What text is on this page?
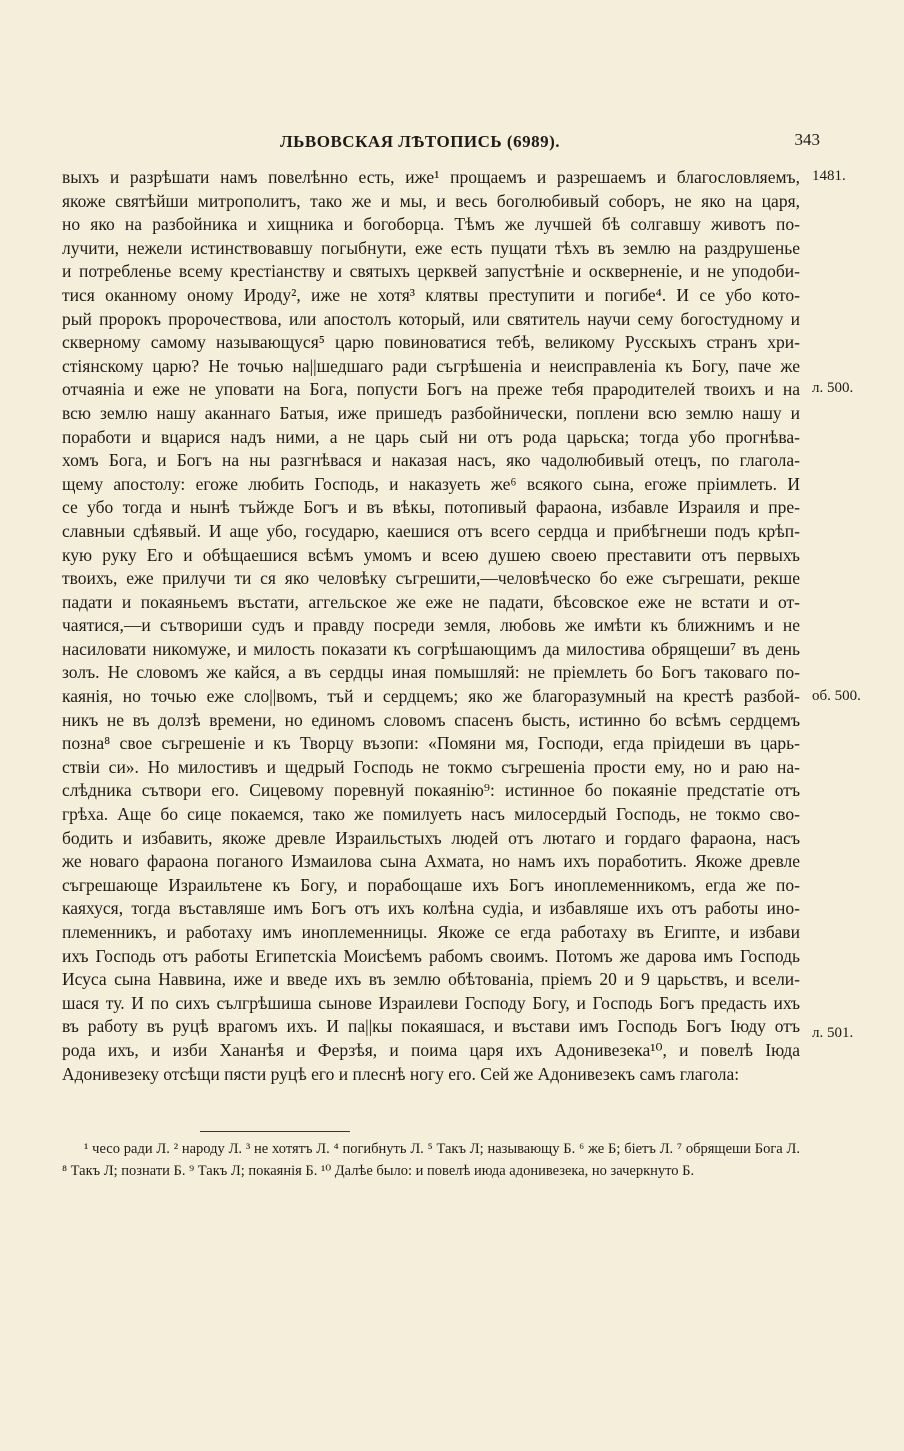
ЛЬВОВСКАЯ ЛѢТОПИСЬ (6989).	343
1481.
л. 500.
об. 500.
л. 501.
выхъ и разрѣшати намъ повелѣнно есть, иже¹ прощаемъ и разрешаемъ и благословляемъ,
якоже святѣйши митрополитъ, тако же и мы, и весь боголюбивый соборъ, не яко на царя,
но яко на разбойника и хищника и богоборца. Тѣмъ же лучшей бѣ солгавшу животъ по-
лучити, нежели истинствовавшу погыбнути, еже есть пущати тѣхъ въ землю на раздрушенье
и потребленье всему крестіанству и святыхъ церквей запустѣніе и оскверненіе, и не уподоби-
тися оканному оному Ироду², иже не хотя³ клятвы преступити и погибе⁴. И се убо кото-
рый пророкъ пророчествова, или апостолъ который, или святитель научи сему богостудному и
скверному самому называющуся⁵ царю повиноватися тебѣ, великому Русскыхъ странъ хри-
стіянскому царю? Не точью на||шедшаго ради съгрѣшеніа и неисправленіа къ Богу, паче же
отчаяніа и еже не уповати на Бога, попусти Богъ на преже тебя прародителей твоихъ и на
всю землю нашу аканнаго Батыя, иже пришедъ разбойнически, поплени всю землю нашу и
поработи и вцарися надъ ними, а не царь сый ни отъ рода царьска; тогда убо прогнѣва-
хомъ Бога, и Богъ на ны разгнѣвася и наказая насъ, яко чадолюбивый отецъ, по глагола-
щему апостолу: егоже любить Господь, и наказуеть же⁶ всякого сына, егоже пріимлеть. И
се убо тогда и нынѣ тъйжде Богъ и въ вѣкы, потопивый фараона, избавле Израиля и пре-
славныи сдѣявый. И аще убо, государю, каешися отъ всего сердца и прибѣгнеши подъ крѣп-
кую руку Его и обѣщаешися всѣмъ умомъ и всею душею своею преставити отъ первыхъ
твоихъ, еже прилучи ти ся яко человѣку съгрешити,—человѣческо бо еже съгрешати, рекше
падати и покаяньемъ въстати, аггельское же еже не падати, бѣсовское еже не встати и от-
чаятися,—и сътвориши судъ и правду посреди земля, любовь же имѣти къ ближнимъ и не
насиловати никомуже, и милость показати къ согрѣшающимъ да милостива обрящеши⁷ въ день
золъ. Не словомъ же кайся, а въ сердцы иная помышляй: не пріемлеть бо Богъ таковаго по-
каянія, но точью еже сло||вомъ, тъй и сердцемъ; яко же благоразумный на крестѣ разбой-
никъ не въ долзѣ времени, но единомъ словомъ спасенъ бысть, истинно бо всѣмъ сердцемъ
позна⁸ свое съгрешеніе и къ Творцу възопи: «Помяни мя, Господи, егда пріидеши въ царь-
ствіи си». Но милостивъ и щедрый Господь не токмо съгрешеніа прости ему, но и раю на-
слѣдника сътвори его. Сицевому поревнуй покаянію⁹: истинное бо покаяніе предстатіе отъ
грѣха. Аще бо сице покаемся, тако же помилуеть насъ милосердый Господь, не токмо сво-
бодить и избавить, якоже древле Израильстыхъ людей отъ лютаго и гордаго фараона, насъ
же новаго фараона поганого Измаилова сына Ахмата, но намъ ихъ поработить. Якоже древле
съгрешающе Израильтене къ Богу, и порабощаше ихъ Богъ иноплеменникомъ, егда же по-
каяхуся, тогда въставляше имъ Богъ отъ ихъ колѣна судіа, и избавляше ихъ отъ работы ино-
племенникъ, и работаху имъ иноплеменницы. Якоже се егда работаху въ Египте, и избави
ихъ Господь отъ работы Египетскіа Моисѣемъ рабомъ своимъ. Потомъ же дарова имъ Господь
Исуса сына Наввина, иже и введе ихъ въ землю обѣтованіа, пріемъ 20 и 9 царьствъ, и всели-
шася ту. И по сихъ сългрѣшиша сынове Израилеви Господу Богу, и Господь Богъ предасть ихъ
въ работу въ руцѣ врагомъ ихъ. И па||кы покаяшася, и въстави имъ Господь Богъ Іюду отъ
рода ихъ, и изби Хананѣя и Ферзѣя, и поима царя ихъ Адонивезека¹⁰, и повелѣ Іюда
Адонивезеку отсѣщи пясти руцѣ его и плеснѣ ногу его. Сей же Адонивезекъ самъ глагола:
¹ чесо ради Л. ² народу Л. ³ не хотятъ Л. ⁴ погибнуть Л. ⁵ Такъ Л; называющу Б. ⁶ же Б; біетъ Л. ⁷ обрящеши Бога Л. ⁸ Такъ Л; познати Б. ⁹ Такъ Л; покаянія Б. ¹⁰ Далѣе было: и повелѣ июда адонивезека, но зачеркнуто Б.
